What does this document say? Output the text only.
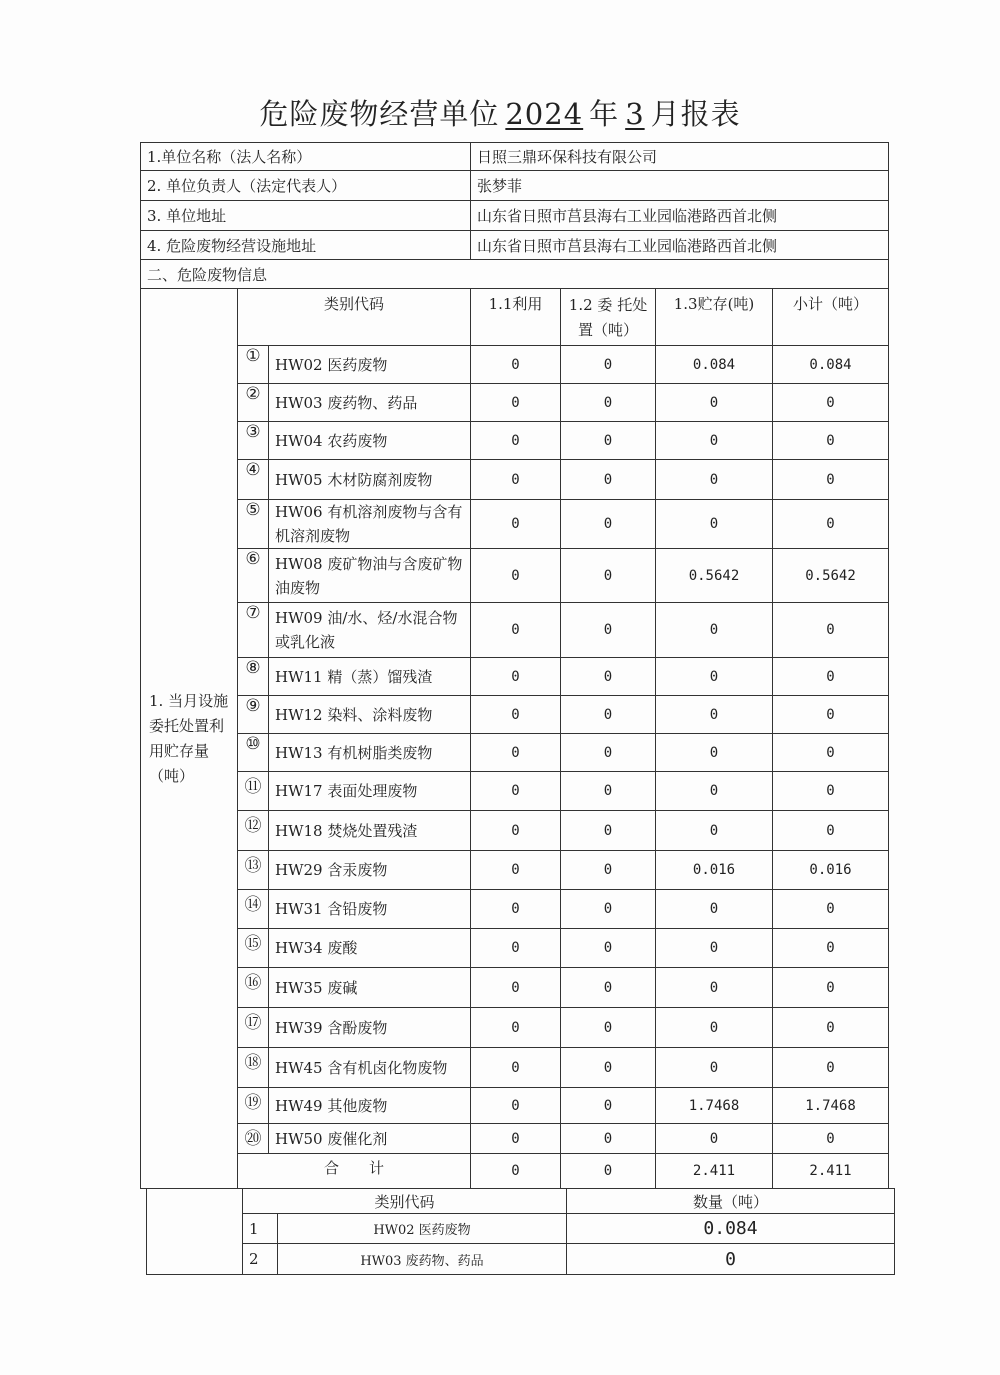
危险废物经营单位 2024 年 3 月报表
1.单位名称（法人名称）			日照三鼎环保科技有限公司			
2. 单位负责人（法定代表人）			张梦菲			
3. 单位地址			山东省日照市莒县海右工业园临港路西首北侧			
4. 危险废物经营设施地址			山东省日照市莒县海右工业园临港路西首北侧			
二、危险废物信息						
1. 当月设施委托处置利用贮存量（吨）	类别代码		1.1利用	1.2 委 托处置（吨）	1.3贮存(吨)	小计（吨）
	①	HW02 医药废物	0	0	0.084	0.084
	②	HW03 废药物、药品	0	0	0	0
	③	HW04 农药废物	0	0	0	0
	④	HW05 木材防腐剂废物	0	0	0	0
	⑤	HW06 有机溶剂废物与含有机溶剂废物	0	0	0	0
	⑥	HW08 废矿物油与含废矿物油废物	0	0	0.5642	0.5642
	⑦	HW09 油/水、烃/水混合物或乳化液	0	0	0	0
	⑧	HW11 精（蒸）馏残渣	0	0	0	0
	⑨	HW12 染料、涂料废物	0	0	0	0
	⑩	HW13 有机树脂类废物	0	0	0	0
	⑪	HW17 表面处理废物	0	0	0	0
	⑫	HW18 焚烧处置残渣	0	0	0	0
	⑬	HW29 含汞废物	0	0	0.016	0.016
	⑭	HW31 含铅废物	0	0	0	0
	⑮	HW34 废酸	0	0	0	0
	⑯	HW35 废碱	0	0	0	0
	⑰	HW39 含酚废物	0	0	0	0
	⑱	HW45 含有机卤化物废物	0	0	0	0
	⑲	HW49 其他废物	0	0	1.7468	1.7468
	⑳	HW50 废催化剂	0	0	0	0
	合　　计		0	0	2.411	2.411
	类别代码		数量（吨）
	1	HW02 医药废物	0.084
	2	HW03 废药物、药品	0
